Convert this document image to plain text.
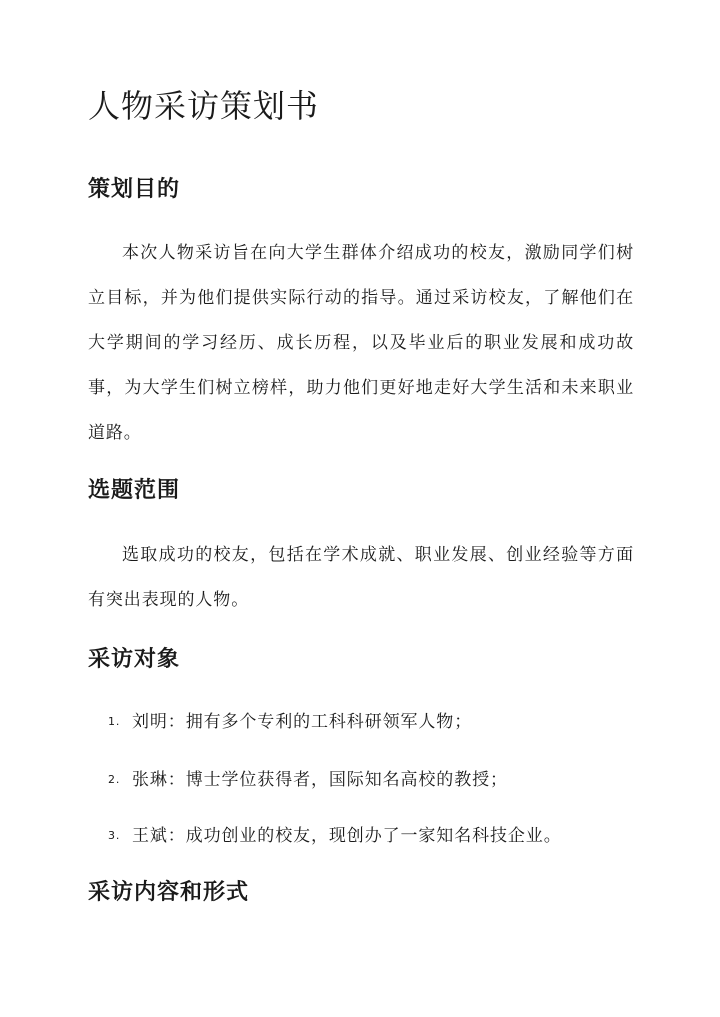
人物采访策划书
策划目的

本次人物采访旨在向大学生群体介绍成功的校友，激励同学们树立目标，并为他们提供实际行动的指导。通过采访校友，了解他们在大学期间的学习经历、成长历程，以及毕业后的职业发展和成功故事，为大学生们树立榜样，助力他们更好地走好大学生活和未来职业道路。

选题范围

选取成功的校友，包括在学术成就、职业发展、创业经验等方面有突出表现的人物。

采访对象
1. 刘明：拥有多个专利的工科科研领军人物；
2. 张琳：博士学位获得者，国际知名高校的教授；
3. 王斌：成功创业的校友，现创办了一家知名科技企业。
采访内容和形式
